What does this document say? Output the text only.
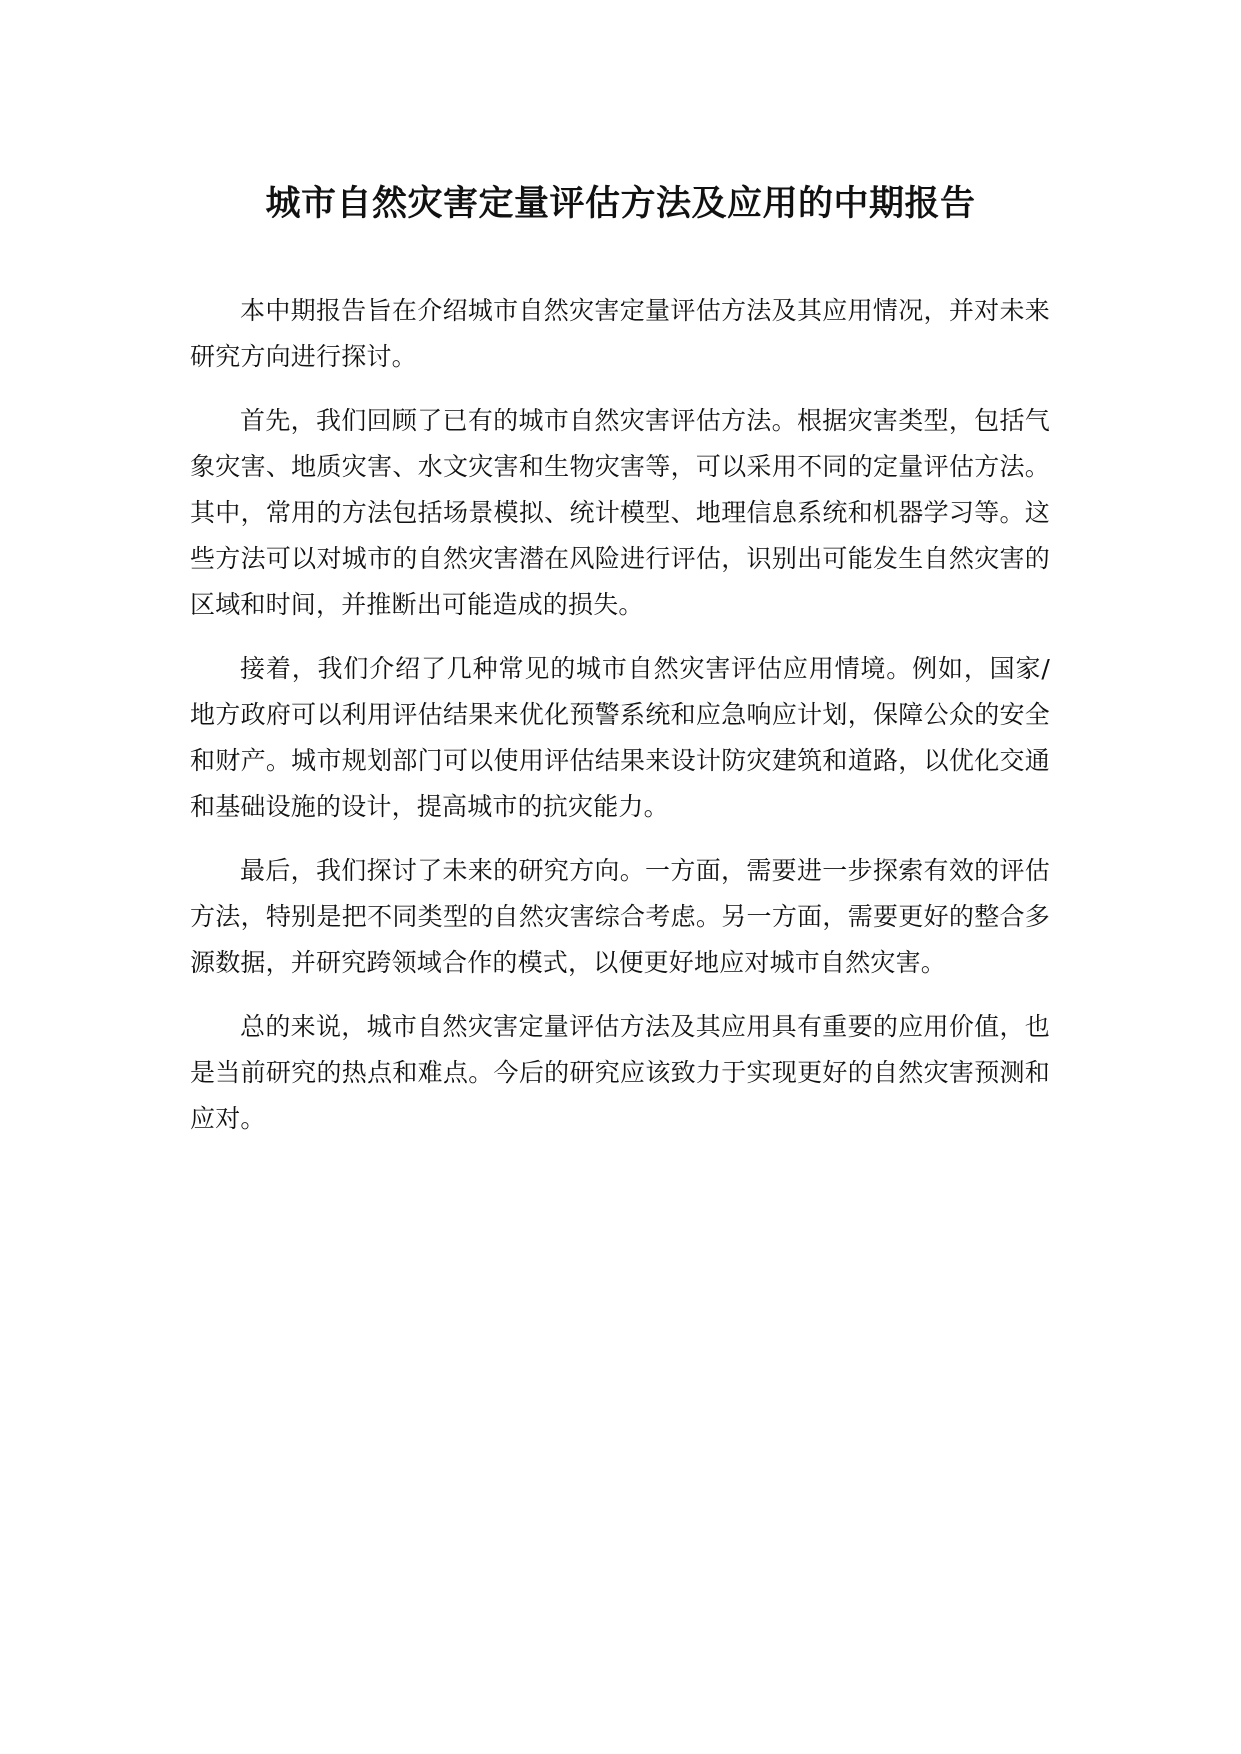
城市自然灾害定量评估方法及应用的中期报告

本中期报告旨在介绍城市自然灾害定量评估方法及其应用情况，并对未来研究方向进行探讨。

首先，我们回顾了已有的城市自然灾害评估方法。根据灾害类型，包括气象灾害、地质灾害、水文灾害和生物灾害等，可以采用不同的定量评估方法。其中，常用的方法包括场景模拟、统计模型、地理信息系统和机器学习等。这些方法可以对城市的自然灾害潜在风险进行评估，识别出可能发生自然灾害的区域和时间，并推断出可能造成的损失。

接着，我们介绍了几种常见的城市自然灾害评估应用情境。例如，国家/地方政府可以利用评估结果来优化预警系统和应急响应计划，保障公众的安全和财产。城市规划部门可以使用评估结果来设计防灾建筑和道路，以优化交通和基础设施的设计，提高城市的抗灾能力。

最后，我们探讨了未来的研究方向。一方面，需要进一步探索有效的评估方法，特别是把不同类型的自然灾害综合考虑。另一方面，需要更好的整合多源数据，并研究跨领域合作的模式，以便更好地应对城市自然灾害。

总的来说，城市自然灾害定量评估方法及其应用具有重要的应用价值，也是当前研究的热点和难点。今后的研究应该致力于实现更好的自然灾害预测和应对。
